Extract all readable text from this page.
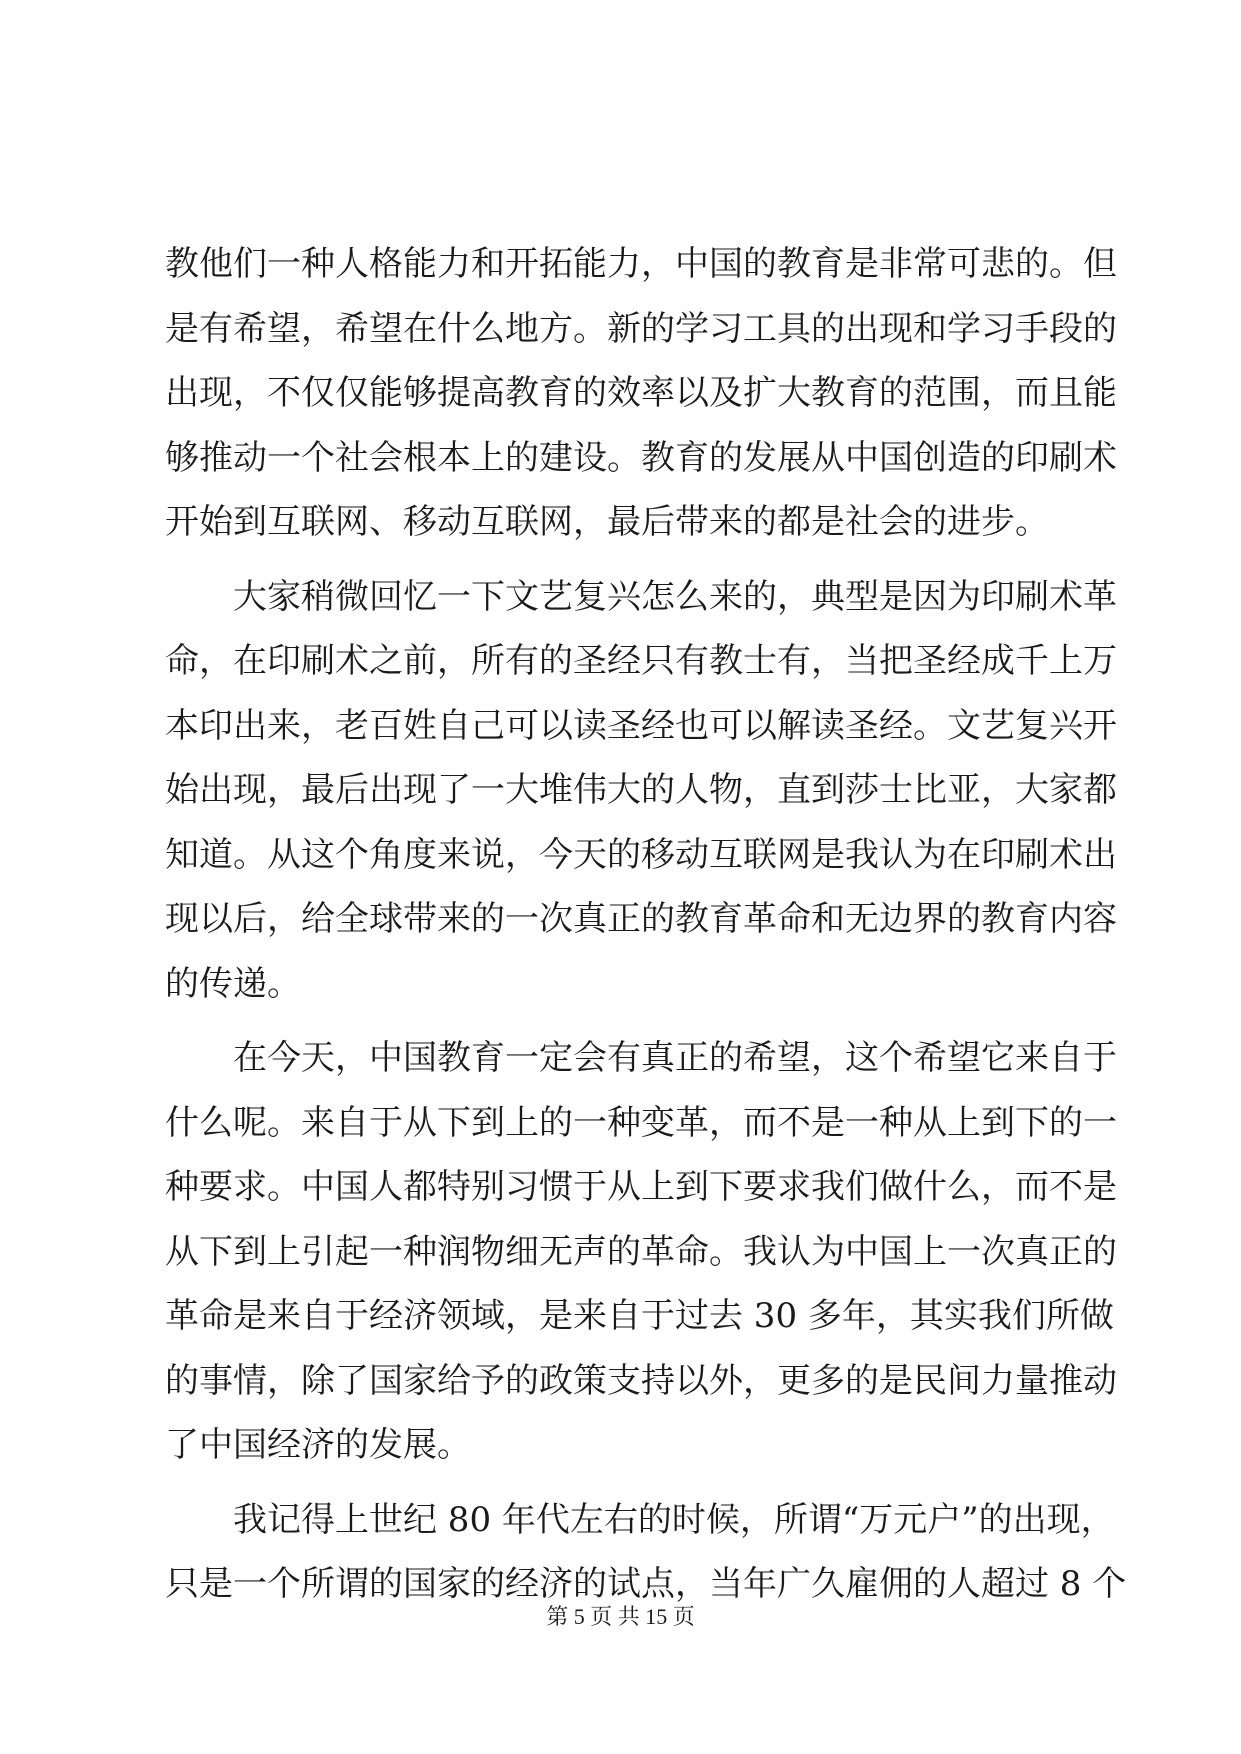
教他们一种人格能力和开拓能力，中国的教育是非常可悲的。但
是有希望，希望在什么地方。新的学习工具的出现和学习手段的
出现，不仅仅能够提高教育的效率以及扩大教育的范围，而且能
够推动一个社会根本上的建设。教育的发展从中国创造的印刷术
开始到互联网、移动互联网，最后带来的都是社会的进步。
大家稍微回忆一下文艺复兴怎么来的，典型是因为印刷术革
命，在印刷术之前，所有的圣经只有教士有，当把圣经成千上万
本印出来，老百姓自己可以读圣经也可以解读圣经。文艺复兴开
始出现，最后出现了一大堆伟大的人物，直到莎士比亚，大家都
知道。从这个角度来说，今天的移动互联网是我认为在印刷术出
现以后，给全球带来的一次真正的教育革命和无边界的教育内容
的传递。
在今天，中国教育一定会有真正的希望，这个希望它来自于
什么呢。来自于从下到上的一种变革，而不是一种从上到下的一
种要求。中国人都特别习惯于从上到下要求我们做什么，而不是
从下到上引起一种润物细无声的革命。我认为中国上一次真正的
革命是来自于经济领域，是来自于过去 30 多年，其实我们所做
的事情，除了国家给予的政策支持以外，更多的是民间力量推动
了中国经济的发展。
我记得上世纪 80 年代左右的时候，所谓“万元户”的出现，
只是一个所谓的国家的经济的试点，当年广久雇佣的人超过 8 个
第 5 页 共 15 页
